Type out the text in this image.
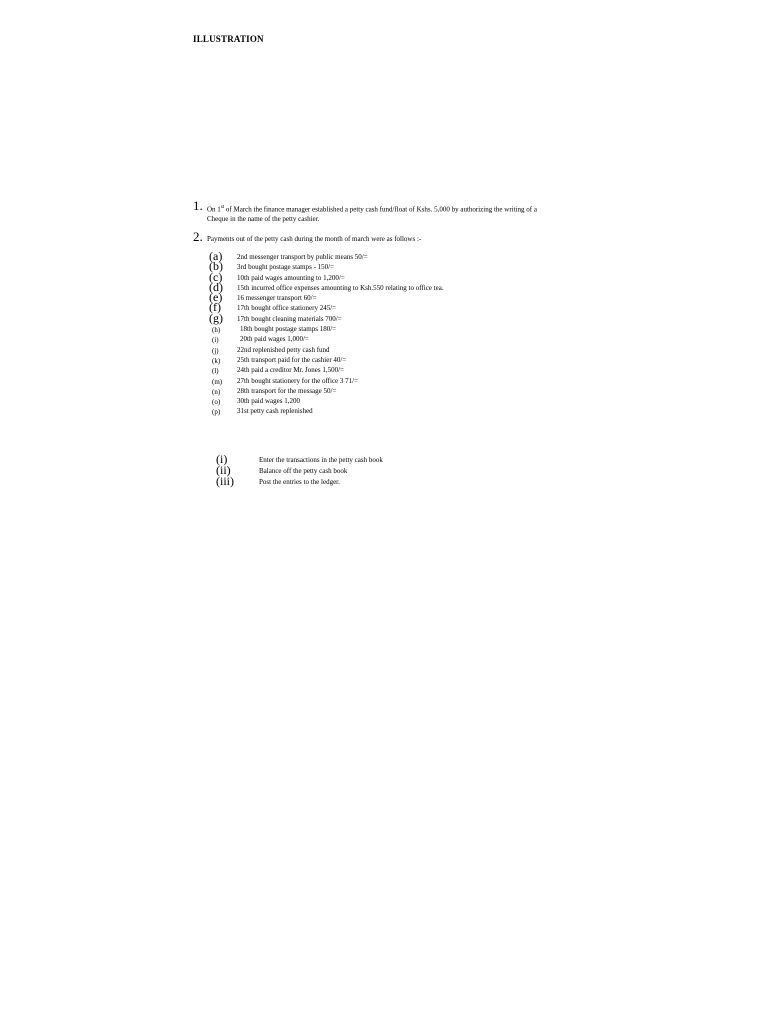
ILLUSTRATION
1. On 1st of March the finance manager established a petty cash fund/float of Kshs. 5,000 by authorizing the writing of a Cheque in the name of the petty cashier.
2. Payments out of the petty cash during the month of march were as follows :-
(a)	2nd messenger transport by public means 50/=
(b)	3rd bought postage stamps - 150/=
(c)	10th paid wages amounting to 1,200/=
(d)	15th incurred office expenses amounting to Ksh.550 relating to office tea.
(e)	16 messenger transport 60/=
(f)	17th bought office stationery 245/=
(g)	17th bought cleaning materials 700/=
(h)	18th bought postage stamps 180/=
(i)	20th paid wages 1,000/=
(j)	22nd replenished petty cash fund
(k)	25th transport paid for the cashier 40/=
(l)	24th paid a creditor Mr. Jones 1,500/=
(m)	27th bought stationery for the office 3 71/=
(n)	28th transport for the message 50/=
(o)	30th paid wages 1,200
(p)	31st petty cash replenished
(i)	Enter the transactions in the petty cash book
(ii)	Balance off the petty cash book
(iii)	Post the entries to the ledger.
